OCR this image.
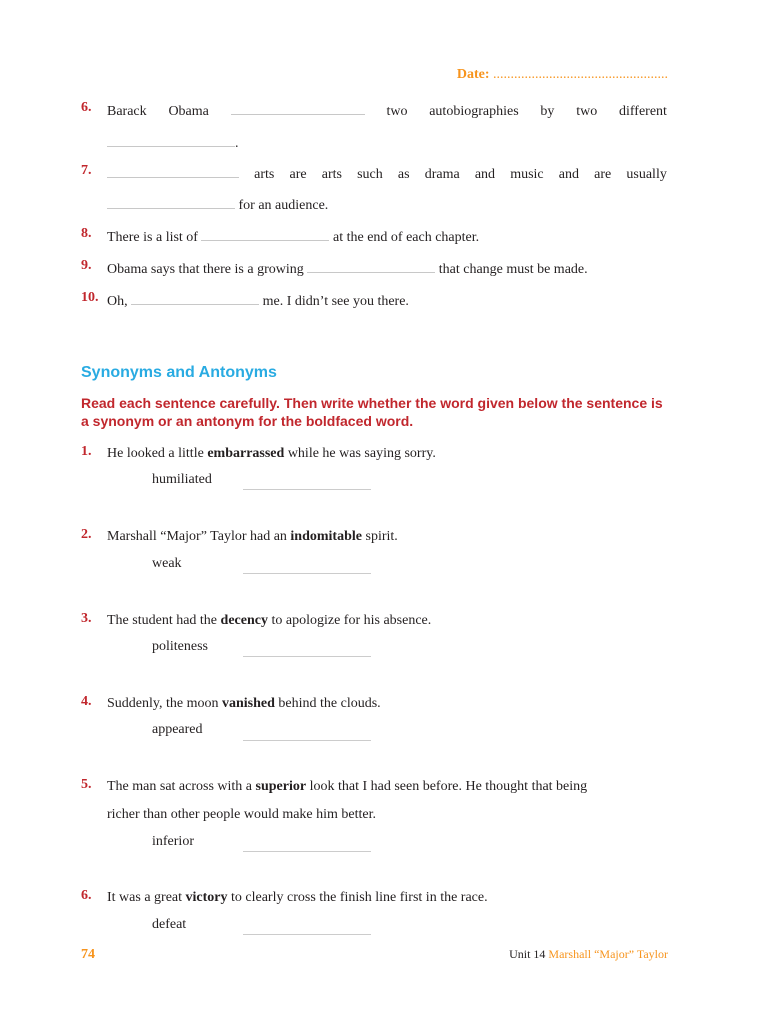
Date: ..................................................
6. Barack Obama	two autobiographies by two different
.
7.	arts are arts such as drama and music and are usually
for an audience.
8. There is a list of	at the end of each chapter.
9. Obama says that there is a growing	that change must be made.
10. Oh,	me. I didn’t see you there.
Synonyms and Antonyms
Read each sentence carefully. Then write whether the word given below the sentence is a synonym or an antonym for the boldfaced word.
1. He looked a little embarrassed while he was saying sorry.
humiliated
2. Marshall “Major” Taylor had an indomitable spirit.
weak
3. The student had the decency to apologize for his absence.
politeness
4. Suddenly, the moon vanished behind the clouds.
appeared
5. The man sat across with a superior look that I had seen before. He thought that being
richer than other people would make him better.
inferior
6. It was a great victory to clearly cross the finish line first in the race.
defeat
74	Unit 14 Marshall “Major” Taylor
